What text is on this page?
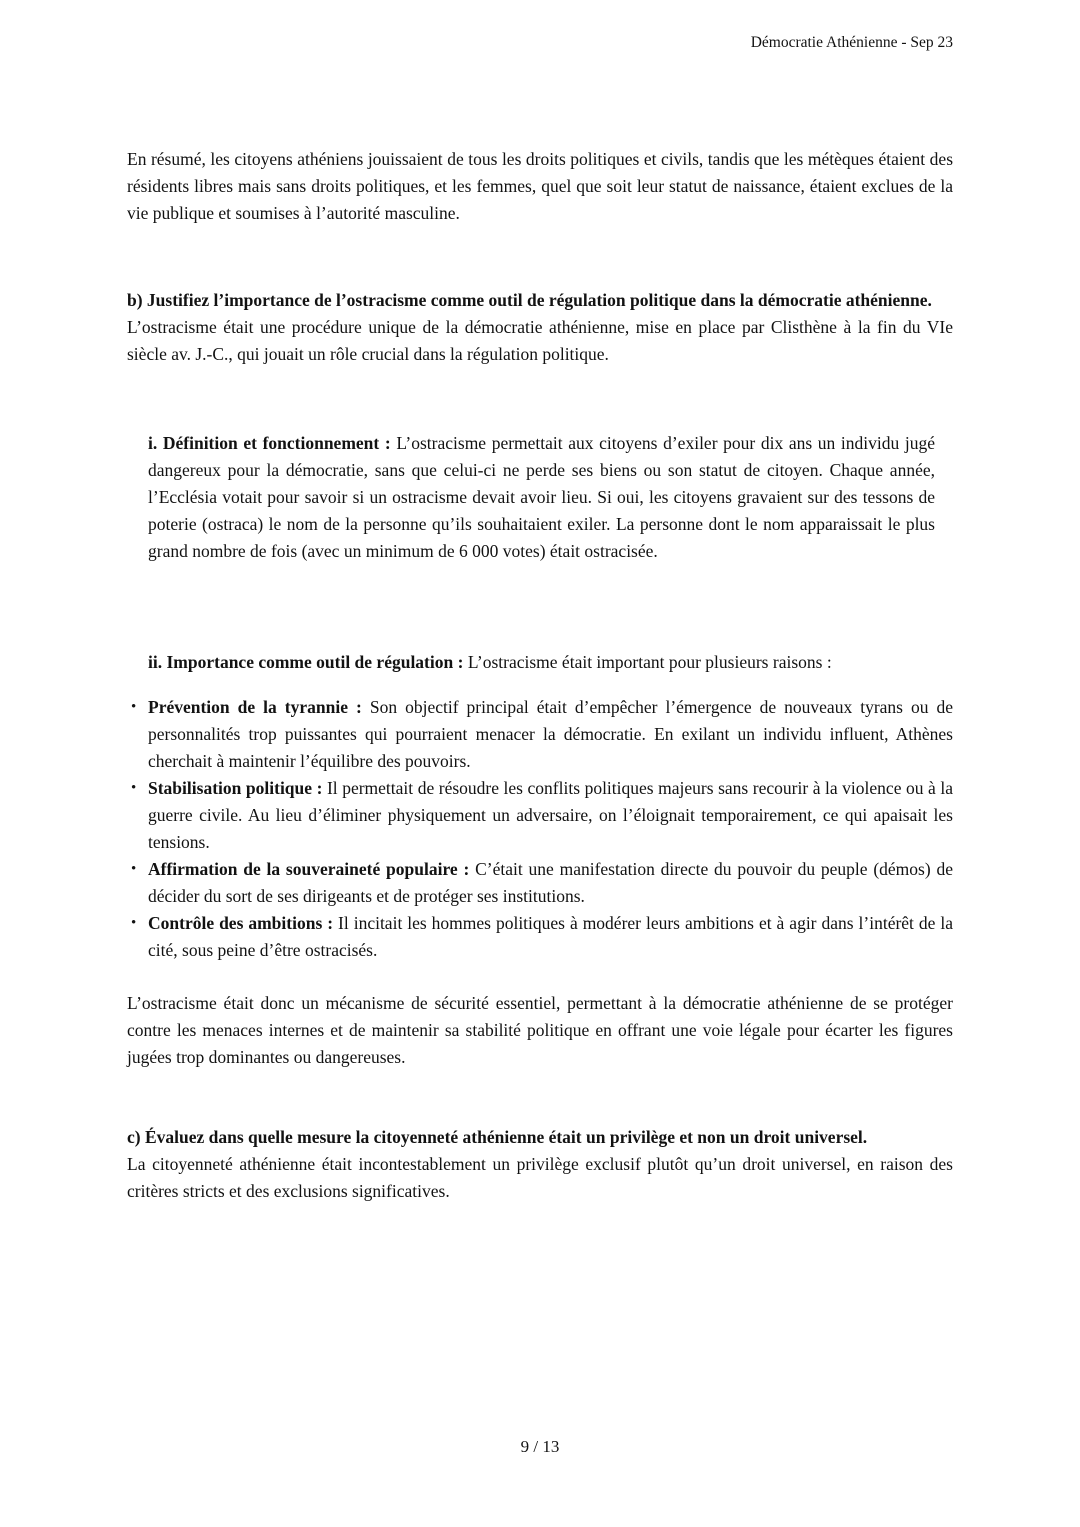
Démocratie Athénienne - Sep 23

En résumé, les citoyens athéniens jouissaient de tous les droits politiques et civils, tandis que les métèques étaient des résidents libres mais sans droits politiques, et les femmes, quel que soit leur statut de naissance, étaient exclues de la vie publique et soumises à l’autorité masculine.

b) Justifiez l’importance de l’ostracisme comme outil de régulation politique dans la démocratie athénienne.

L’ostracisme était une procédure unique de la démocratie athénienne, mise en place par Clisthène à la fin du VIe siècle av. J.-C., qui jouait un rôle crucial dans la régulation politique.

i. Définition et fonctionnement : L’ostracisme permettait aux citoyens d’exiler pour dix ans un individu jugé dangereux pour la démocratie, sans que celui-ci ne perde ses biens ou son statut de citoyen. Chaque année, l’Ecclésia votait pour savoir si un ostracisme devait avoir lieu. Si oui, les citoyens gravaient sur des tessons de poterie (ostraca) le nom de la personne qu’ils souhaitaient exiler. La personne dont le nom apparaissait le plus grand nombre de fois (avec un minimum de 6 000 votes) était ostracisée.

ii. Importance comme outil de régulation : L’ostracisme était important pour plusieurs raisons :

• Prévention de la tyrannie : Son objectif principal était d’empêcher l’émergence de nouveaux tyrans ou de personnalités trop puissantes qui pourraient menacer la démocratie. En exilant un individu influent, Athènes cherchait à maintenir l’équilibre des pouvoirs.

• Stabilisation politique : Il permettait de résoudre les conflits politiques majeurs sans recourir à la violence ou à la guerre civile. Au lieu d’éliminer physiquement un adversaire, on l’éloignait temporairement, ce qui apaisait les tensions.

• Affirmation de la souveraineté populaire : C’était une manifestation directe du pouvoir du peuple (démos) de décider du sort de ses dirigeants et de protéger ses institutions.

• Contrôle des ambitions : Il incitait les hommes politiques à modérer leurs ambitions et à agir dans l’intérêt de la cité, sous peine d’être ostracisés.

L’ostracisme était donc un mécanisme de sécurité essentiel, permettant à la démocratie athénienne de se protéger contre les menaces internes et de maintenir sa stabilité politique en offrant une voie légale pour écarter les figures jugées trop dominantes ou dangereuses.

c) Évaluez dans quelle mesure la citoyenneté athénienne était un privilège et non un droit universel.

La citoyenneté athénienne était incontestablement un privilège exclusif plutôt qu’un droit universel, en raison des critères stricts et des exclusions significatives.

9 / 13
